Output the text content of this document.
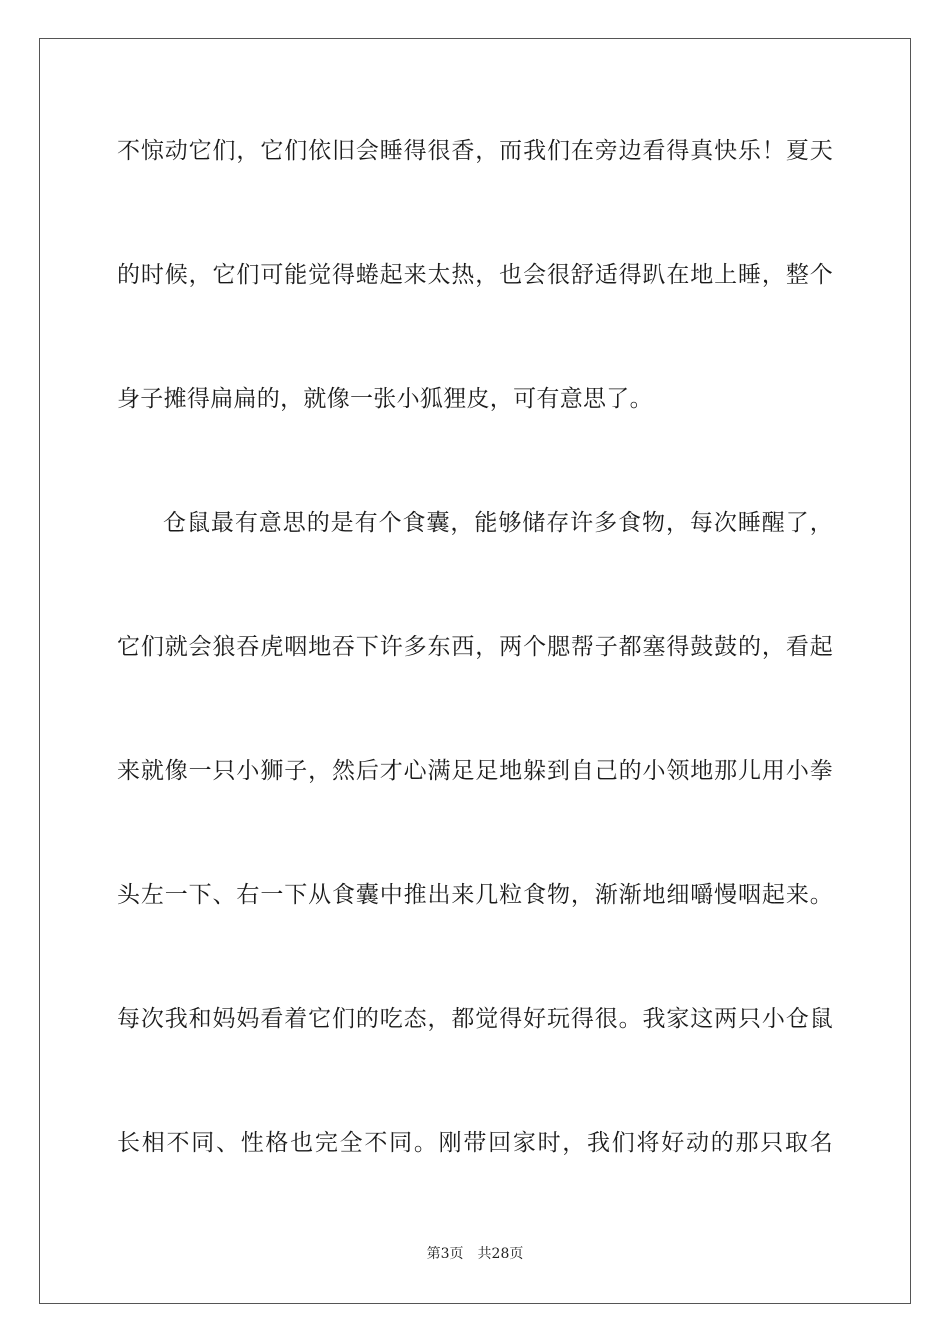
不惊动它们，它们依旧会睡得很香，而我们在旁边看得真快乐！夏天
的时候，它们可能觉得蜷起来太热，也会很舒适得趴在地上睡，整个
身子摊得扁扁的，就像一张小狐狸皮，可有意思了。
仓鼠最有意思的是有个食囊，能够储存许多食物，每次睡醒了，
它们就会狼吞虎咽地吞下许多东西，两个腮帮子都塞得鼓鼓的，看起
来就像一只小狮子，然后才心满足足地躲到自己的小领地那儿用小拳
头左一下、右一下从食囊中推出来几粒食物，渐渐地细嚼慢咽起来。
每次我和妈妈看着它们的吃态，都觉得好玩得很。我家这两只小仓鼠
长相不同、性格也完全不同。刚带回家时，我们将好动的那只取名
第3页 共28页
